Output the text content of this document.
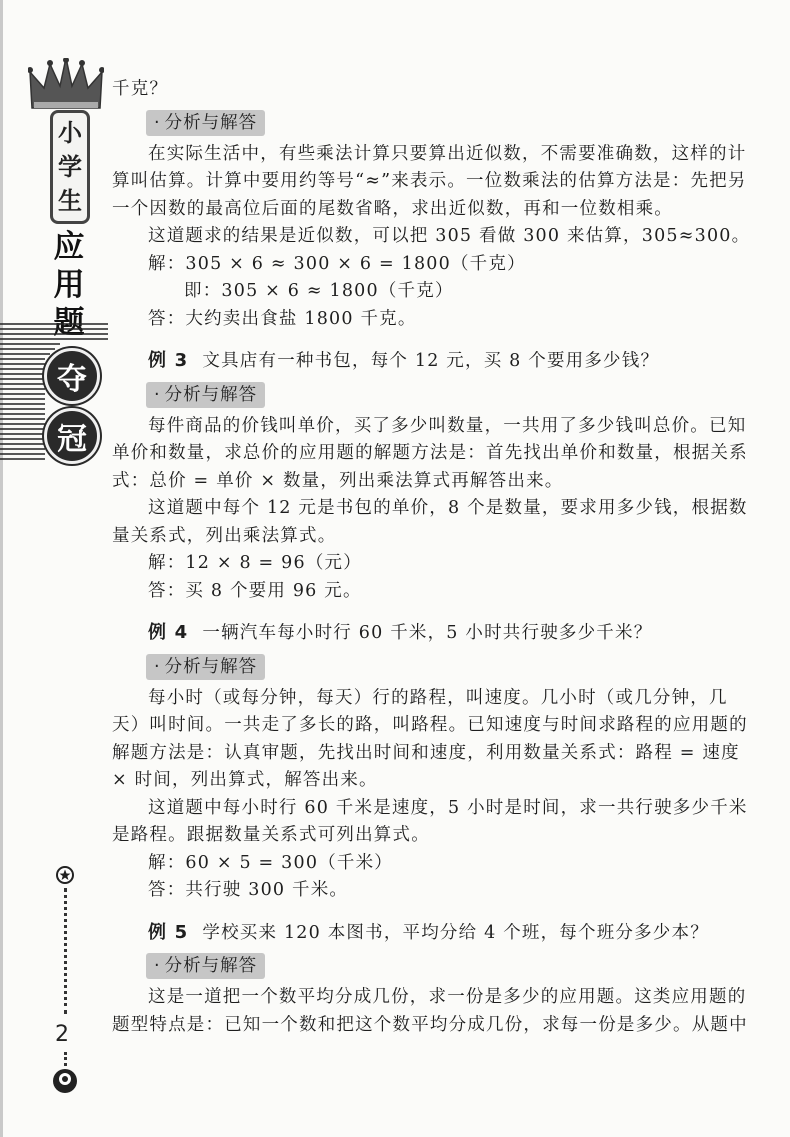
小
学
生
应
用
题
夺
冠
2

千克？

· 分析与解答

在实际生活中，有些乘法计算只要算出近似数，不需要准确数，这样的计算叫估算。计算中要用约等号“≈”来表示。一位数乘法的估算方法是：先把另一个因数的最高位后面的尾数省略，求出近似数，再和一位数相乘。

这道题求的结果是近似数，可以把 305 看做 300 来估算，305≈300。

解：305 × 6 ≈ 300 × 6 = 1800（千克）

即：305 × 6 ≈ 1800（千克）

答：大约卖出食盐 1800 千克。

例 3 文具店有一种书包，每个 12 元，买 8 个要用多少钱？

· 分析与解答

每件商品的价钱叫单价，买了多少叫数量，一共用了多少钱叫总价。已知单价和数量，求总价的应用题的解题方法是：首先找出单价和数量，根据关系式：总价 = 单价 × 数量，列出乘法算式再解答出来。

这道题中每个 12 元是书包的单价，8 个是数量，要求用多少钱，根据数量关系式，列出乘法算式。

解：12 × 8 = 96（元）

答：买 8 个要用 96 元。

例 4 一辆汽车每小时行 60 千米，5 小时共行驶多少千米？

· 分析与解答

每小时（或每分钟，每天）行的路程，叫速度。几小时（或几分钟，几天）叫时间。一共走了多长的路，叫路程。已知速度与时间求路程的应用题的解题方法是：认真审题，先找出时间和速度，利用数量关系式：路程 = 速度 × 时间，列出算式，解答出来。

这道题中每小时行 60 千米是速度，5 小时是时间，求一共行驶多少千米是路程。跟据数量关系式可列出算式。

解：60 × 5 = 300（千米）

答：共行驶 300 千米。

例 5 学校买来 120 本图书，平均分给 4 个班，每个班分多少本？

· 分析与解答

这是一道把一个数平均分成几份，求一份是多少的应用题。这类应用题的题型特点是：已知一个数和把这个数平均分成几份，求每一份是多少。从题中
